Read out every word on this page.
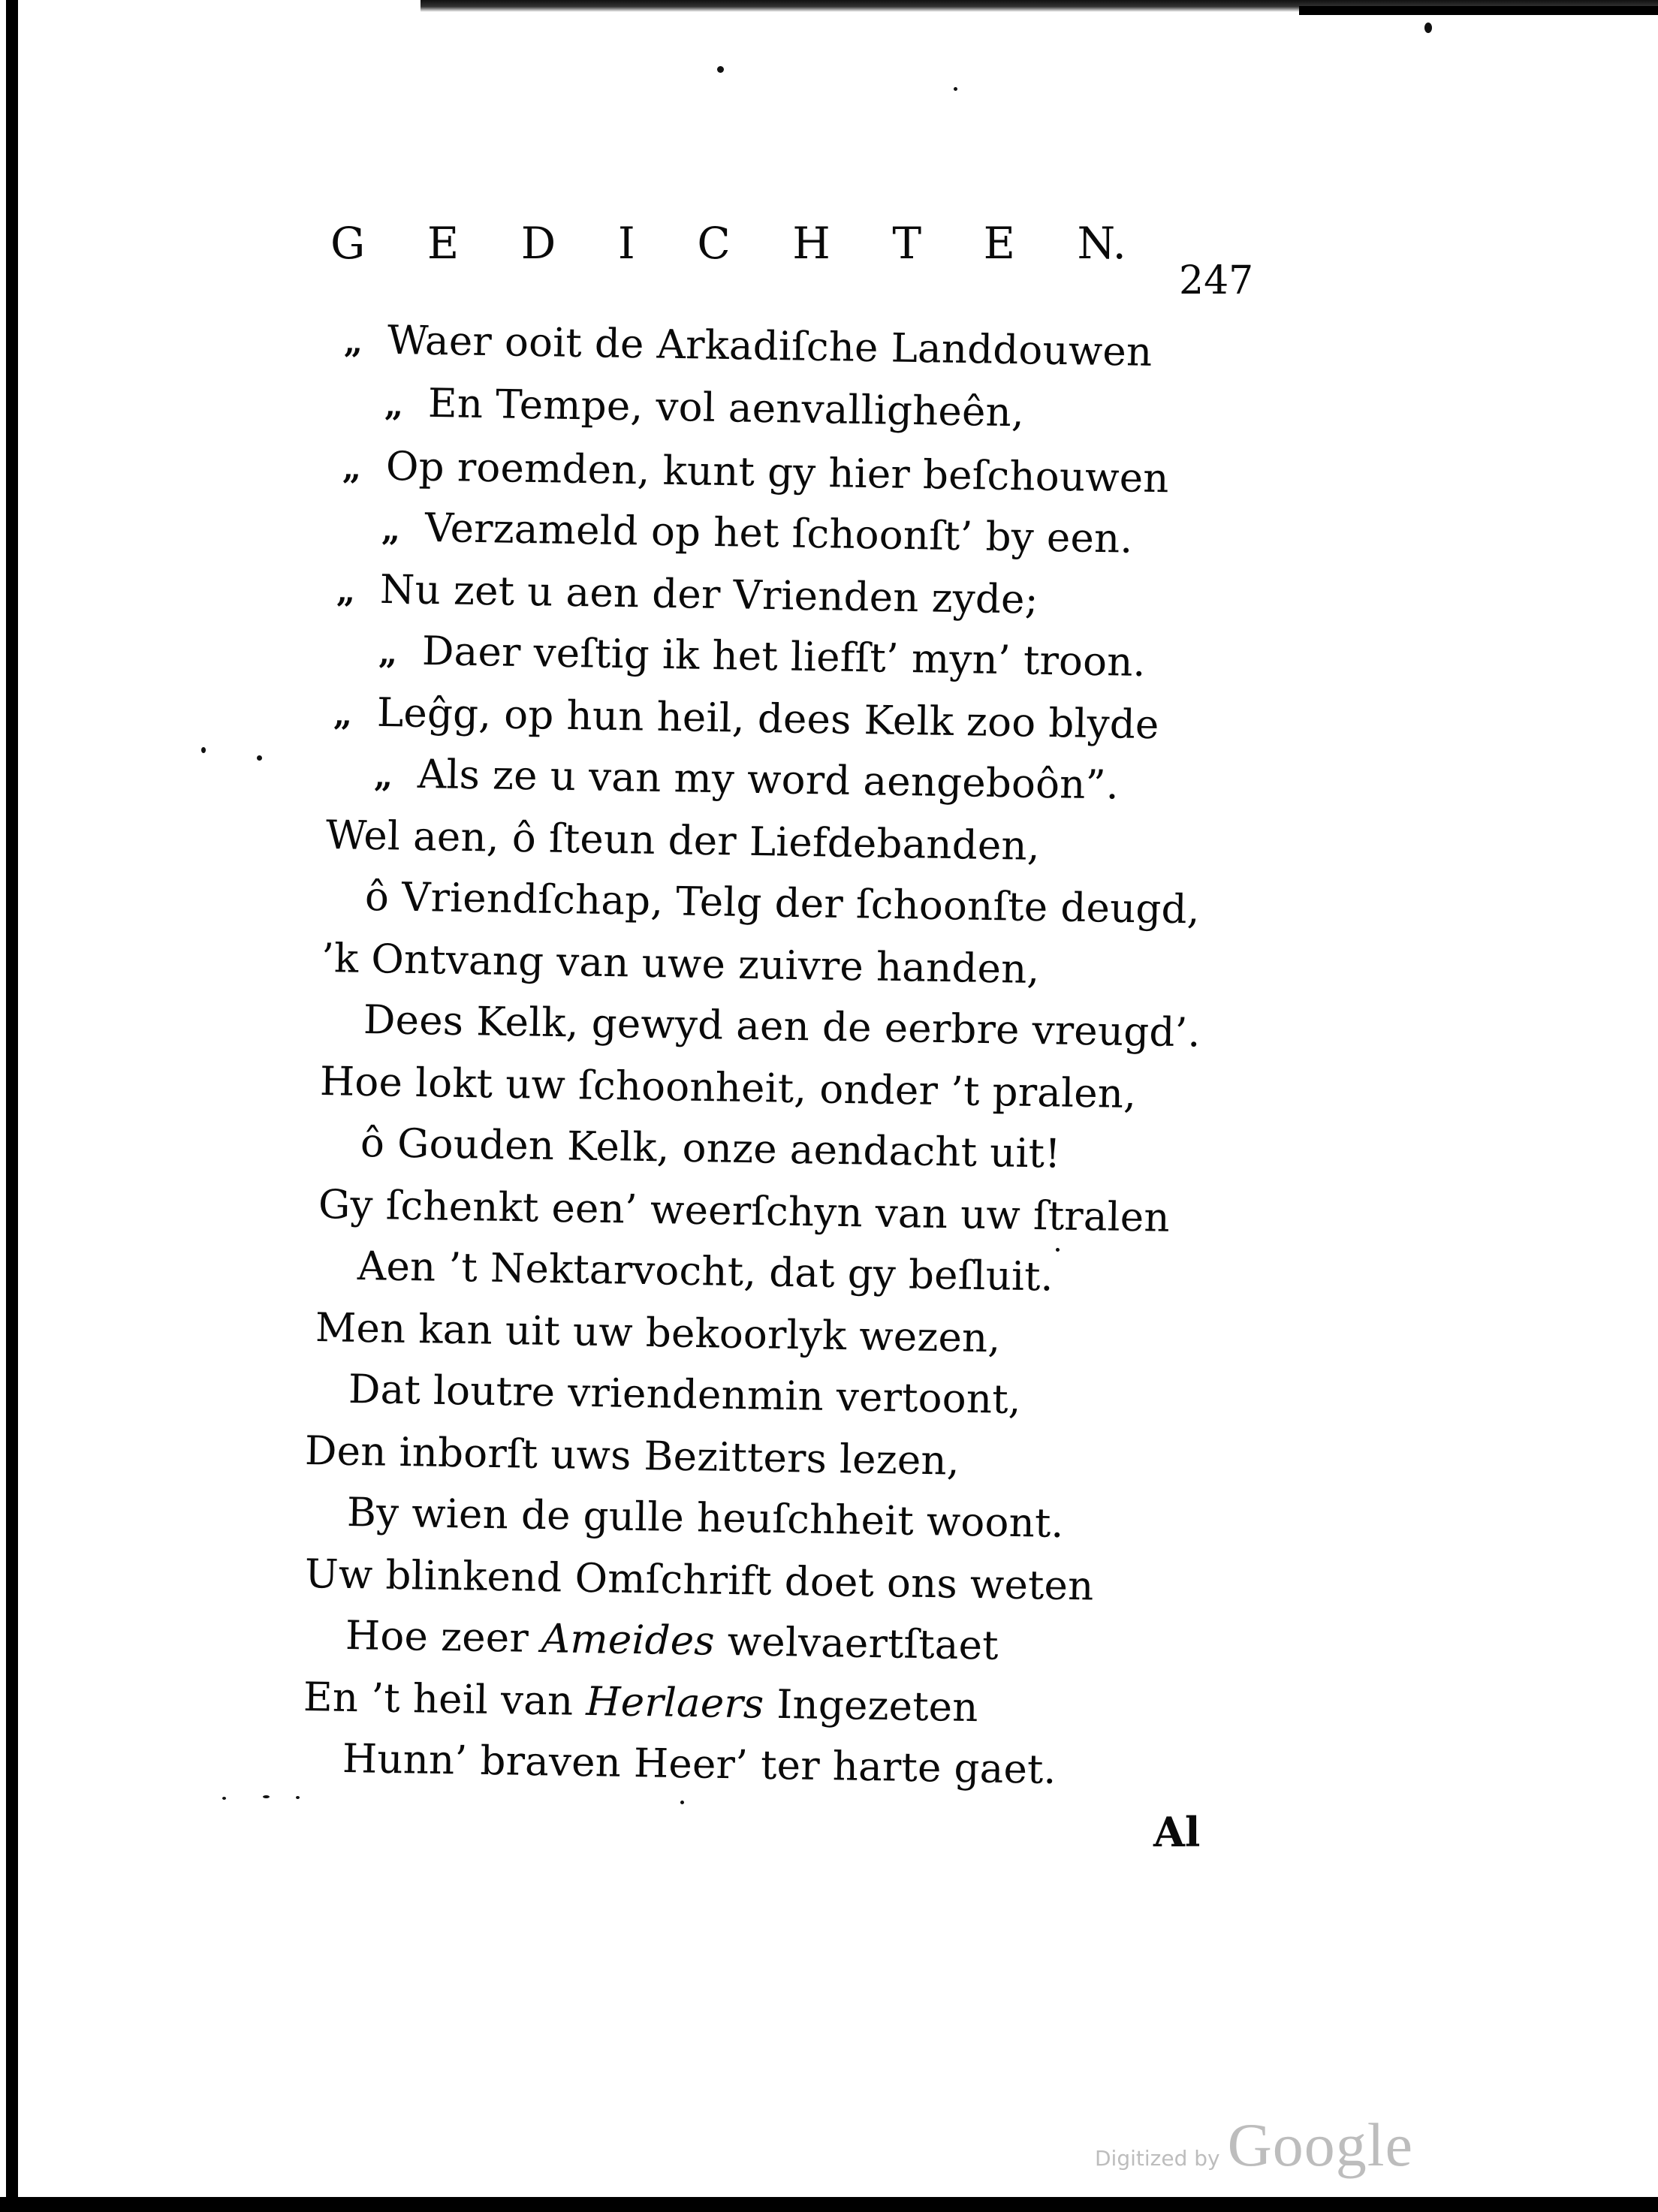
G E D I C H T E N.
247
„ Waer ooit de Arkadiſche Landdouwen
„ En Tempe, vol aenvalligheên,
„ Op roemden, kunt gy hier beſchouwen
„ Verzameld op het ſchoonſt’ by een.
„ Nu zet u aen der Vrienden zyde;
„ Daer veſtig ik het liefſt’ myn’ troon.
„ Leĝg, op hun heil, dees Kelk zoo blyde
„ Als ze u van my word aengeboôn”.
Wel aen, ô ſteun der Liefdebanden,
ô Vriendſchap, Telg der ſchoonſte deugd,
’k Ontvang van uwe zuivre handen,
Dees Kelk, gewyd aen de eerbre vreugd’.
Hoe lokt uw ſchoonheit, onder ’t pralen,
ô Gouden Kelk, onze aendacht uit!
Gy ſchenkt een’ weerſchyn van uw ſtralen
Aen ’t Nektarvocht, dat gy beſluit.
Men kan uit uw bekoorlyk wezen,
Dat loutre vriendenmin vertoont,
Den inborſt uws Bezitters lezen,
By wien de gulle heuſchheit woont.
Uw blinkend Omſchrift doet ons weten
Hoe zeer Ameides welvaertſtaet
En ’t heil van Herlaers Ingezeten
Hunn’ braven Heer’ ter harte gaet.
Al
Digitized by Google
